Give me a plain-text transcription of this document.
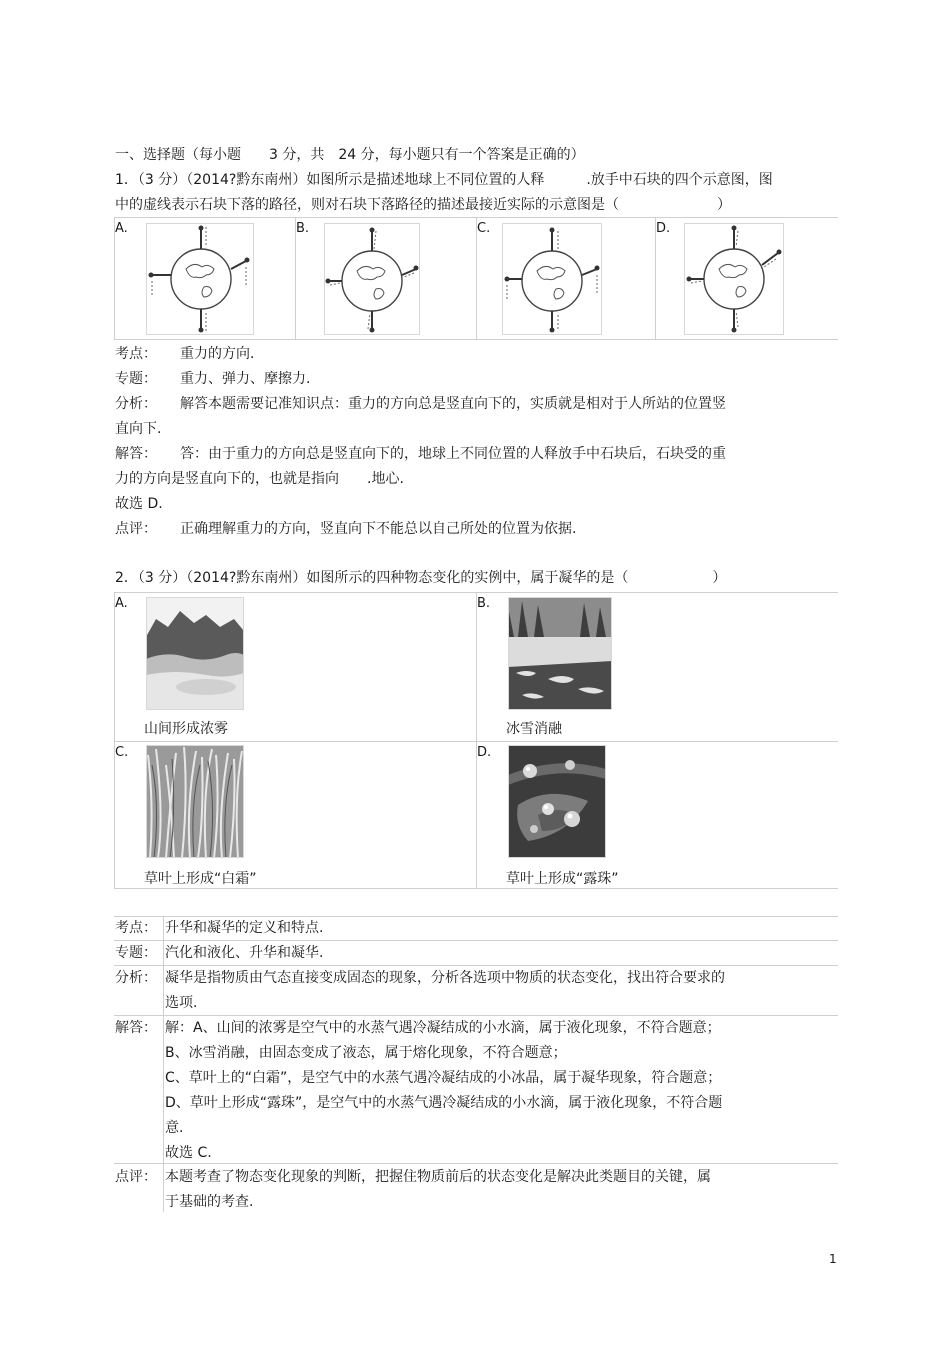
一、选择题（每小题　　3 分，共　24 分，每小题只有一个答案是正确的）
1．（3 分）（2014?黔东南州）如图所示是描述地球上不同位置的人释　　　.放手中石块的四个示意图，图
中的虚线表示石块下落的路径，则对石块下落路径的描述最接近实际的示意图是（　　　　　　　）
A.	B.	C.	D.
考点： 重力的方向.
专题： 重力、弹力、摩擦力.
分析： 解答本题需要记准知识点：重力的方向总是竖直向下的，实质就是相对于人所站的位置竖
直向下.
解答： 答：由于重力的方向总是竖直向下的，地球上不同位置的人释放手中石块后，石块受的重
力的方向是竖直向下的，也就是指向　　.地心.
故选 D.
点评： 正确理解重力的方向，竖直向下不能总以自己所处的位置为依据.
2．（3 分）（2014?黔东南州）如图所示的四种物态变化的实例中，属于凝华的是（　　　　　　）
A.	B.
C.	D.
山间形成浓雾	冰雪消融
草叶上形成“白霜”	草叶上形成“露珠”
考点： 升华和凝华的定义和特点.
专题： 汽化和液化、升华和凝华.
分析： 凝华是指物质由气态直接变成固态的现象，分析各选项中物质的状态变化，找出符合要求的
选项.
解答： 解：A、山间的浓雾是空气中的水蒸气遇冷凝结成的小水滴，属于液化现象，不符合题意；
B、冰雪消融，由固态变成了液态，属于熔化现象，不符合题意；
C、草叶上的“白霜”，是空气中的水蒸气遇冷凝结成的小冰晶，属于凝华现象，符合题意；
D、草叶上形成“露珠”，是空气中的水蒸气遇冷凝结成的小水滴，属于液化现象，不符合题
意.
故选 C.
点评： 本题考查了物态变化现象的判断，把握住物质前后的状态变化是解决此类题目的关键，属
于基础的考查.
1
